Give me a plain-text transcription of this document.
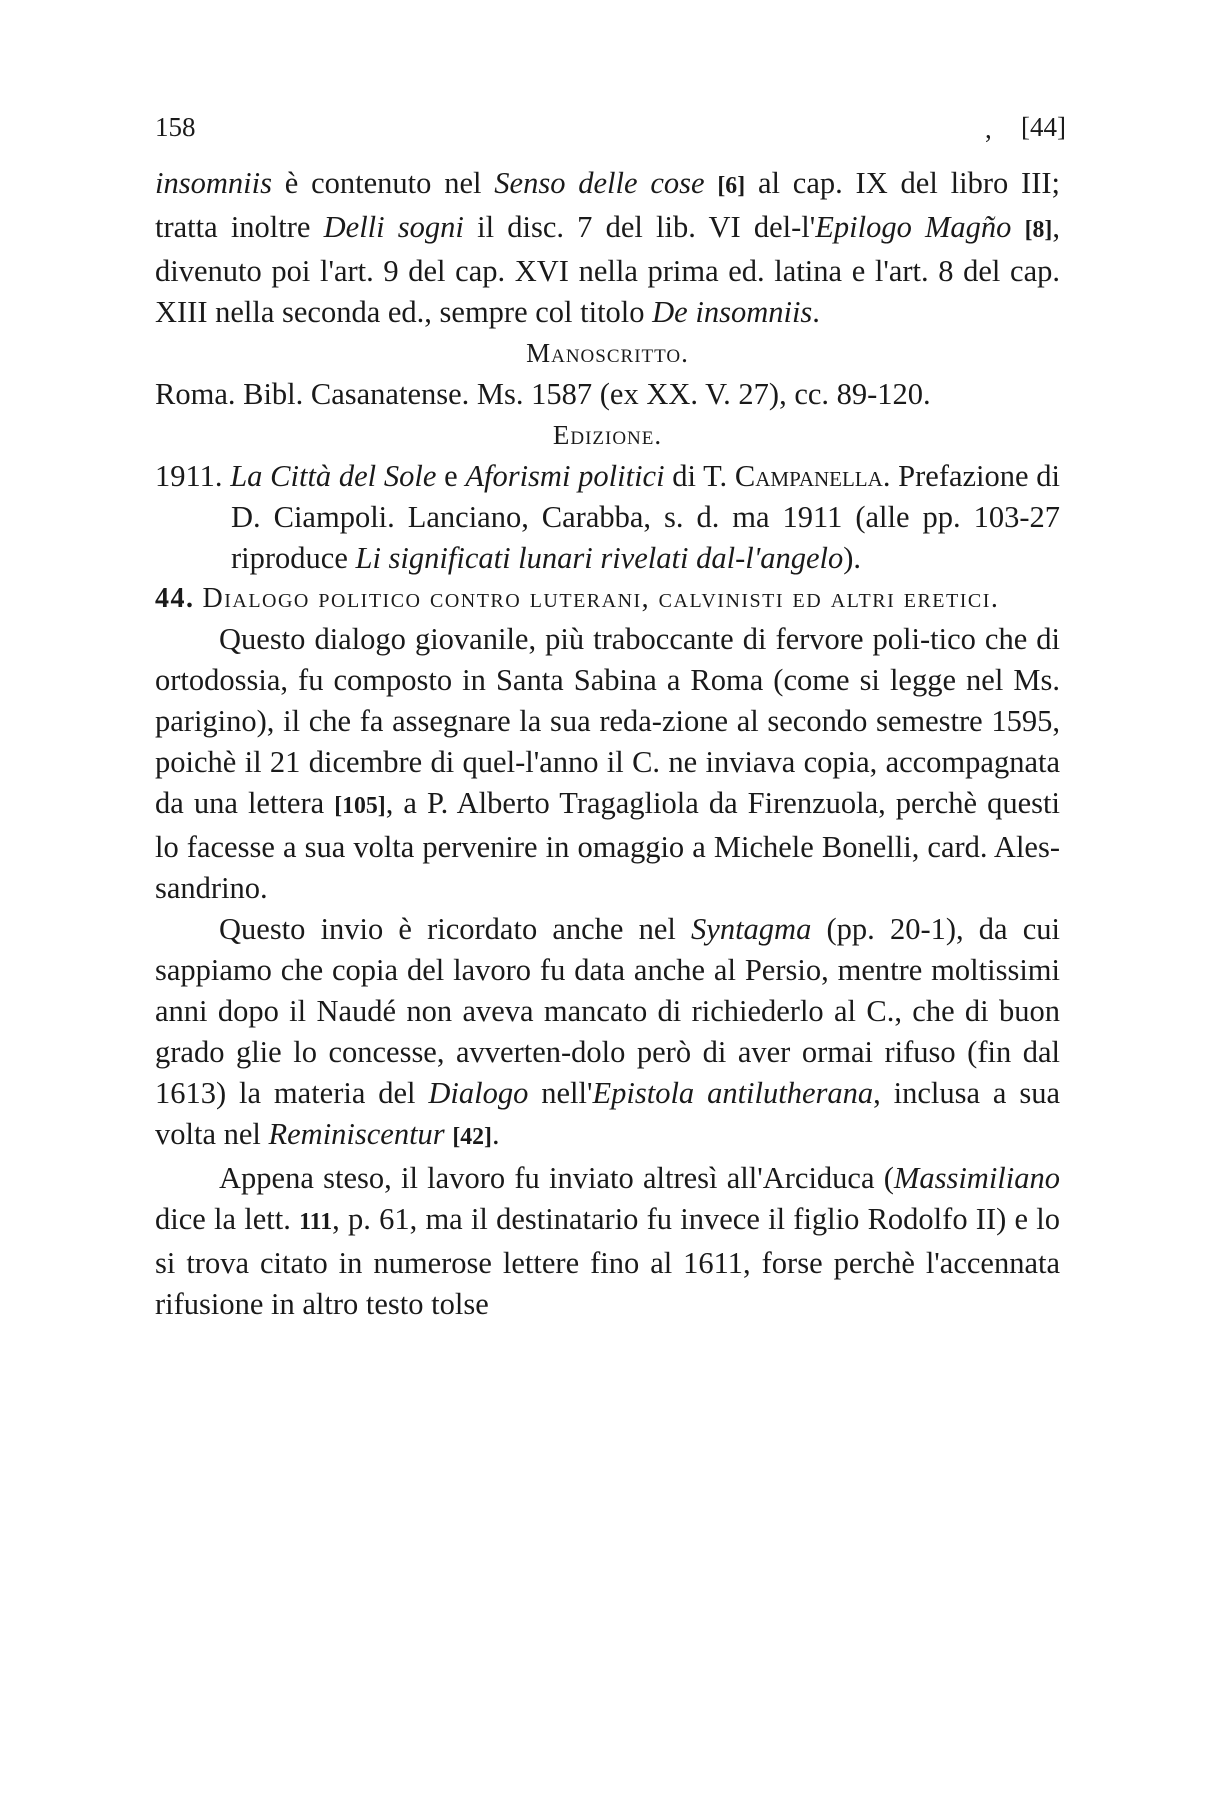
158	, [44]

insomniis è contenuto nel Senso delle cose [6] al cap. IX del libro III; tratta inoltre Delli sogni il disc. 7 del lib. VI del-l'Epilogo Magño [8], divenuto poi l'art. 9 del cap. XVI nella prima ed. latina e l'art. 8 del cap. XIII nella seconda ed., sempre col titolo De insomniis.

Manoscritto.

Roma. Bibl. Casanatense. Ms. 1587 (ex XX. V. 27), cc. 89-120.

Edizione.

1911. La Città del Sole e Aforismi politici di T. Campanella. Prefazione di D. Ciampoli. Lanciano, Carabba, s. d. ma 1911 (alle pp. 103-27 riproduce Li significati lunari rivelati dal-l'angelo).

44. Dialogo politico contro luterani, calvinisti ed altri eretici.

Questo dialogo giovanile, più traboccante di fervore poli-tico che di ortodossia, fu composto in Santa Sabina a Roma (come si legge nel Ms. parigino), il che fa assegnare la sua reda-zione al secondo semestre 1595, poichè il 21 dicembre di quel-l'anno il C. ne inviava copia, accompagnata da una lettera [105], a P. Alberto Tragagliola da Firenzuola, perchè questi lo facesse a sua volta pervenire in omaggio a Michele Bonelli, card. Ales-sandrino.

Questo invio è ricordato anche nel Syntagma (pp. 20-1), da cui sappiamo che copia del lavoro fu data anche al Persio, mentre moltissimi anni dopo il Naudé non aveva mancato di richiederlo al C., che di buon grado glie lo concesse, avverten-dolo però di aver ormai rifuso (fin dal 1613) la materia del Dialogo nell'Epistola antilutherana, inclusa a sua volta nel Reminiscentur [42].

Appena steso, il lavoro fu inviato altresì all'Arciduca (Massimiliano dice la lett. 111, p. 61, ma il destinatario fu invece il figlio Rodolfo II) e lo si trova citato in numerose lettere fino al 1611, forse perchè l'accennata rifusione in altro testo tolse
